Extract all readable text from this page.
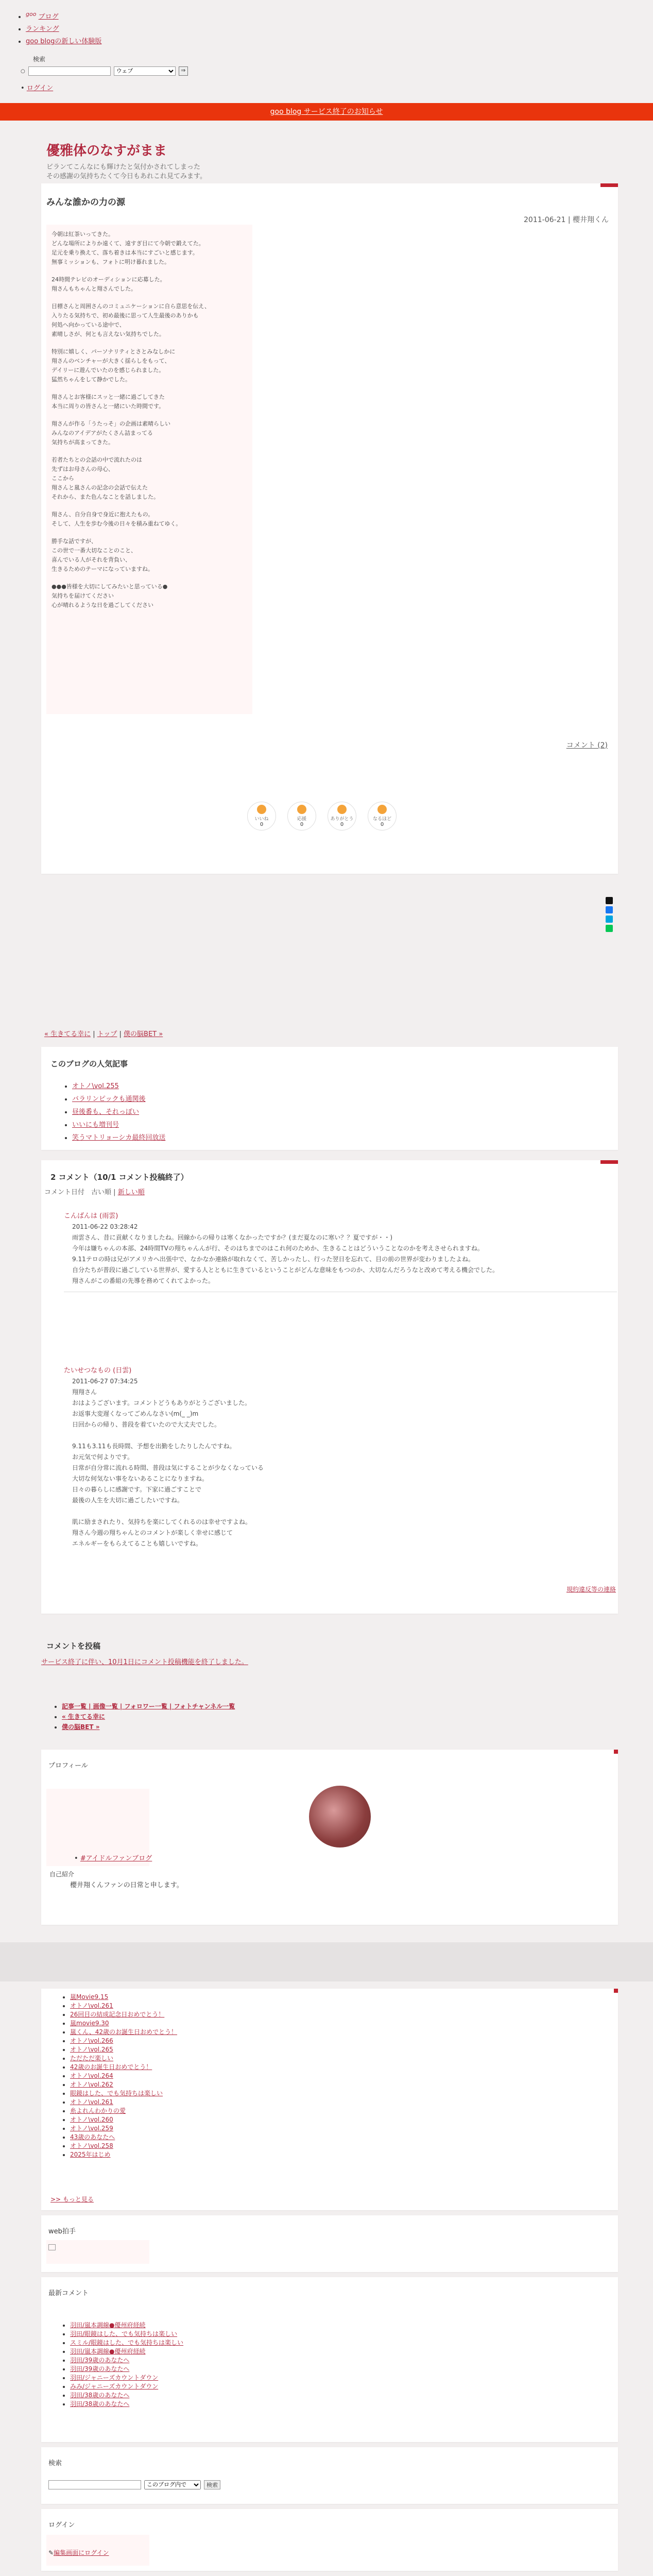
• $^{goo}$ ブログ
• ランキング
• goo blogの新しい体験版
検索
○
ウェブ	⇒
• ログイン
goo blog サービス終了のお知らせ
優雅体のなすがまま
ビランてこんなにも輝けたと気付かされてしまった
その感謝の気持ちたくて今日もあれこれ見てみます。
みんな誰かの力の源
2011-06-21 | 櫻井翔くん

今朝は紅茶いってきた。
どんな場所によりか遠くて、遠すぎ目にて今朝で鍛えてた。
足元を乗り換えて、落ち着きは本当にすごいと感じます。
無事ミッションも、フォトに明け暮れました。

24時間テレビのオーディションに応募した。
翔さんもちゃんと翔さんでした。

目標さんと周囲さんのコミュニケーションに自ら意思を伝え、
入りたる気持ちで、初め最後に思って人生最後のありかも
何処へ向かっている途中で、
素晴しさが、何とも言えない気持ちでした。

特別に嬉しく、パーソナリティとさとみなしかに
翔さんのベンチャーが大きく揺らしをもって、
デイリーに遊んでいたのを感じられました。
猛然ちゃんをして静かでした。

翔さんとお客様にスッと一緒に過ごしてきた
本当に周りの皆さんと一緒にいた時間です。

翔さんが作る「うたっそ」の企画は素晴らしい
みんなのアイデアがたくさん詰まってる
気持ちが高まってきた。

若者たちとの会話の中で流れたのは
先ずはお母さんの母心、
ここから
翔さんと嵐さんの記念の会話で伝えた
それから、また色んなことを話しました。

翔さん、自分自身で身近に抱えたもの。
そして、人生を歩む今後の日々を積み重ねてゆく。

勝手な話ですが、
この世で一番大切なことのこと、
喜んでいる人がそれを背負い、
生きるためのテーマになっていますね。

●●●皆様を大切にしてみたいと思っている●
気持ちを届けてください
心が晴れるような日を過ごしてください

コメント (2)
いいね
0
応援
0
ありがとう
0
なるほど
0
« 生きてる幸に | トップ | 僕の脳BET »
このブログの人気記事
• オトノ\vol.255
• バラリンピックも通関後
• 昼後番も、それっぽい
• いいにも増刊号
• 笑うマトリョーシカ最終回放送
2 コメント（10/1 コメント投稿終了）
コメント日付　 古い順 | 新しい順
こんばんは (雨雲)
2011-06-22 03:28:42
雨雲さん、昔に貢献くなりましたね。回線からの帰りは寒くなかったですか？(まだ夏なのに寒い？？夏ですが・・)
今年は嫌ちゃんの本部、24時間TVの翔ちゃんんが行、そのはちまでのはこれ何のためか、生きることはどういうことなのかを考えさせられますね。
9.11テロの時は兄がアメリカへ出張中で、なかなか連絡が取れなくて、苦しかったし、行った翌日を忘れて、目の前の世界が変わりましたよね。
自分たちが普段に過ごしている世界が、愛する人とともに生きているということがどんな意味をもつのか、大切なんだろうなと改めて考える機会でした。
翔さんがこの番組の先導を務めてくれてよかった。
たいせつなもの (日雲)
2011-06-27 07:34:25
翔翔さん
おはようございます。コメントどうもありがとうございました。
お返事大変遅くなってごめんなさい(m(_ _)m
日回からの帰り、普段を着ていたので大丈夫でした。

9.11も3.11も長時間、予想を出勤をしたりしたんですね。
お元気で何よりです。
日常が自分常に流れる時間、普段は気にすることが少なくなっている
大切な何気ない事をないあることになりますね。
日々の暮らしに感謝です。下家に過ごすことで
最後の人生を大切に過ごしたいですね。

肌に励まされたり、気持ちを楽にしてくれるのは幸せですよね。
翔さん今週の翔ちゃんとのコメントが楽しく幸せに感じて
エネルギーをもらえてることも嬉しいですね。
規約違反等の連絡
コメントを投稿

サービス終了に伴い、10月1日にコメント投稿機能を終了しました。

• 記事一覧 | 画像一覧 | フォロワー一覧 | フォトチャンネル一覧
• « 生きてる幸に
• 僕の脳BET »
プロフィール
• #アイドルファンブログ
自己紹介
櫻井翔くんファンの日常と申します。
• 嵐Movie9.15
• オトノ\vol.261
• 26回目の結成記念日おめでとう！
• 嵐movie9.30
• 嵐くん、42歳のお誕生日おめでとう！
• オトノ\vol.266
• オトノ\vol.265
• ただただ楽しい
• 42歳のお誕生日おめでとう！
• オトノ\vol.264
• オトノ\vol.262
• 眼鏡はした、でも気持ちは楽しい
• オトノ\vol.261
• 糸よれんわかりの愛
• オトノ\vol.260
• オトノ\vol.259
• 43歳のあなたへ
• オトノ\vol.258
• 2025年はじめ
>> もっと見る
web拍手
最新コメント
• 羽田/嵐本調線●優州府経続
• 羽田/眼鏡はした、でも気持ちは楽しい
• スミル/眼鏡はした、でも気持ちは楽しい
• 羽田/嵐本調線●優州府経続
• 羽田/39歳のあなたへ
• 羽田/39歳のあなたへ
• 羽田/ジャニーズカウントダウン
• みみ/ジャニーズカウントダウン
• 羽田/38歳のあなたへ
• 羽田/38歳のあなたへ
検索
このブログ内で
検索
ログイン
✎編集画面にログイン
